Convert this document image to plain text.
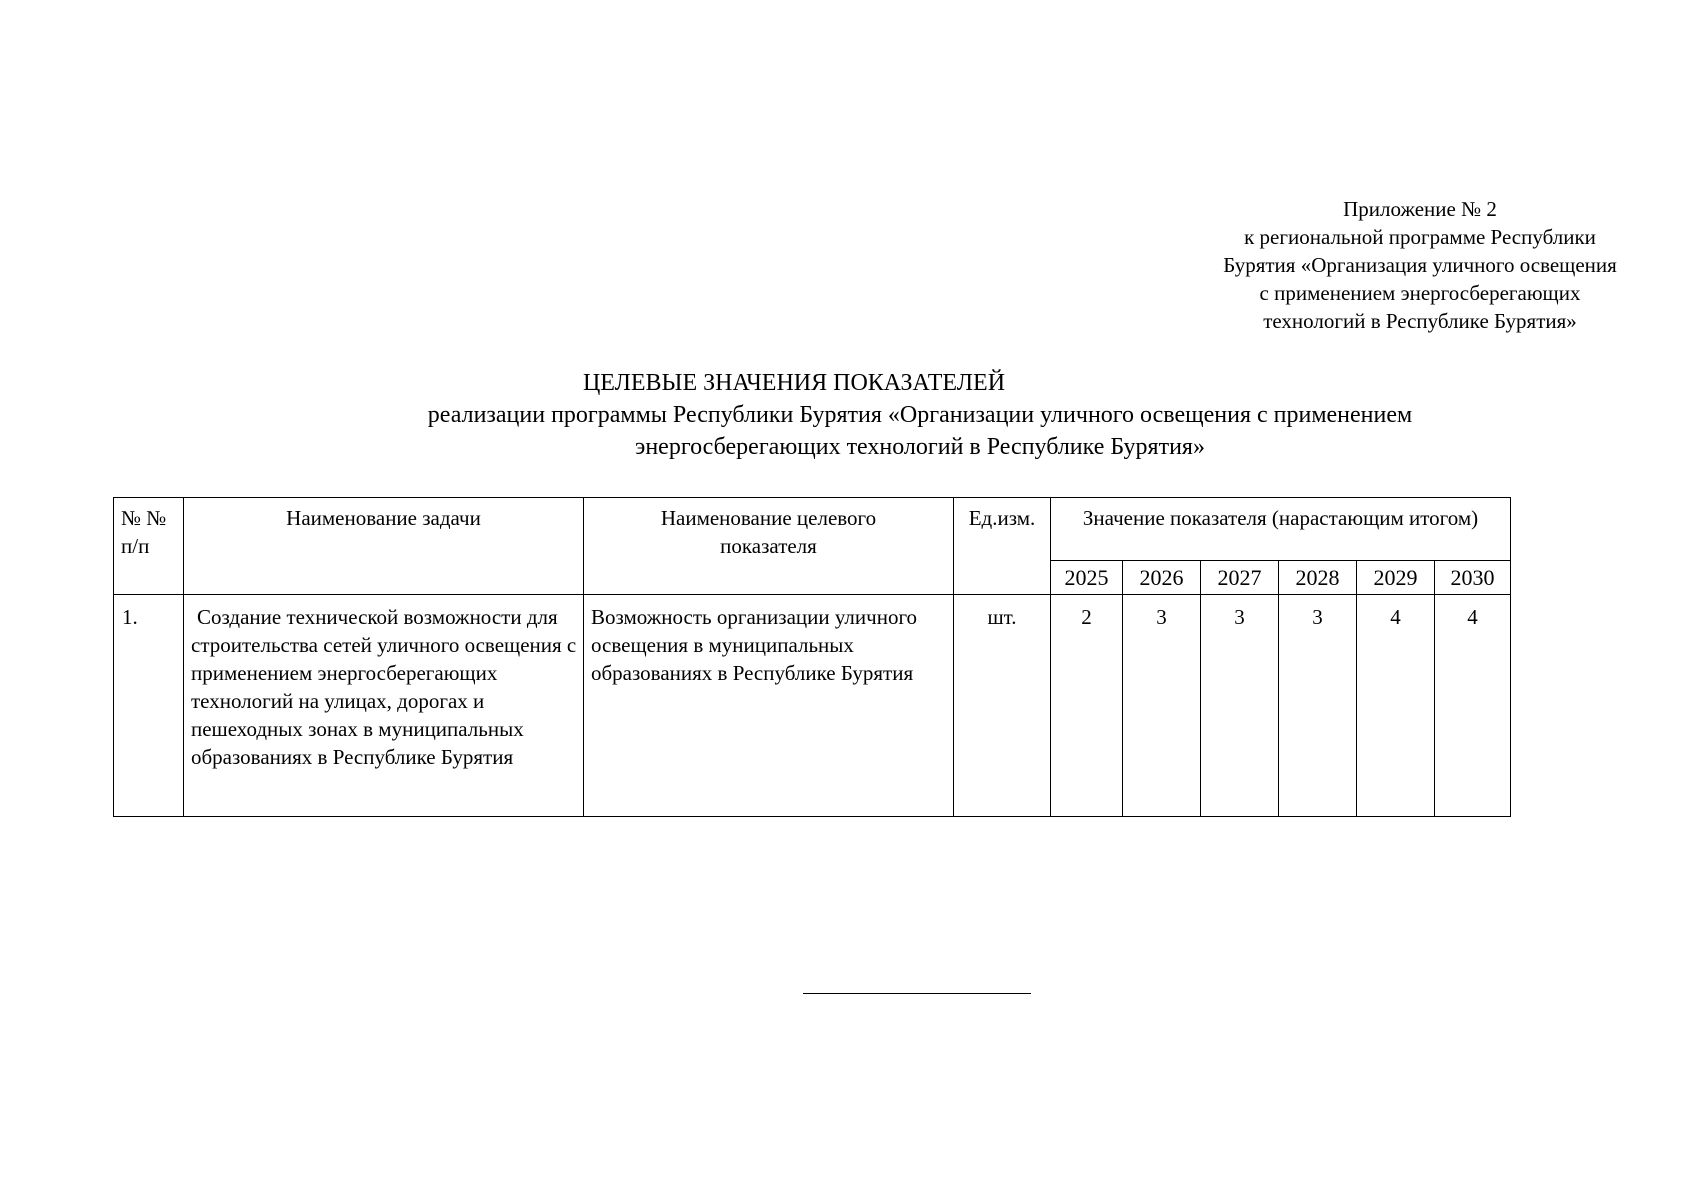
Приложение № 2
к региональной программе Республики
Бурятия «Организация уличного освещения
с применением энергосберегающих
технологий в Республике Бурятия»
ЦЕЛЕВЫЕ ЗНАЧЕНИЯ ПОКАЗАТЕЛЕЙ
реализации программы Республики Бурятия «Организации уличного освещения с применением
энергосберегающих технологий в Республике Бурятия»
№ № п/п	Наименование задачи	Наименование целевого показателя	Ед.изм.	Значение показателя (нарастающим итогом)					
				2025	2026	2027	2028	2029	2030
1.	Создание технической возможности для строительства сетей уличного освещения с применением энергосберегающих технологий на улицах, дорогах и пешеходных зонах в муниципальных образованиях в Республике Бурятия	Возможность организации уличного освещения в муниципальных образованиях в Республике Бурятия	шт.	2	3	3	3	4	4
